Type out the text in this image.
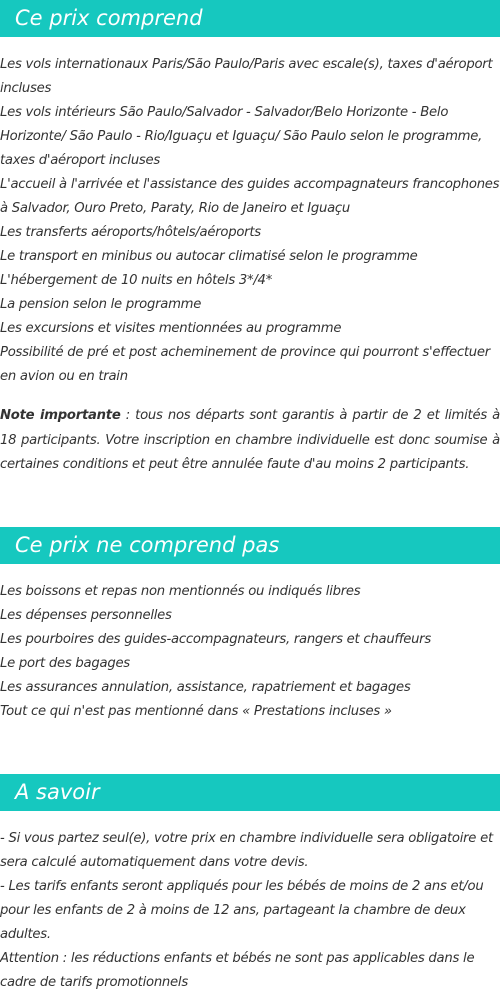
Ce prix comprend
Les vols internationaux Paris/São Paulo/Paris avec escale(s), taxes d'aéroport incluses
Les vols intérieurs São Paulo/Salvador - Salvador/Belo Horizonte - Belo Horizonte/ São Paulo - Rio/Iguaçu et Iguaçu/ São Paulo selon le programme, taxes d'aéroport incluses
L'accueil à l'arrivée et l'assistance des guides accompagnateurs francophones à Salvador, Ouro Preto, Paraty, Rio de Janeiro et Iguaçu
Les transferts aéroports/hôtels/aéroports
Le transport en minibus ou autocar climatisé selon le programme
L'hébergement de 10 nuits en hôtels 3*/4*
La pension selon le programme
Les excursions et visites mentionnées au programme
Possibilité de pré et post acheminement de province qui pourront s'effectuer en avion ou en train

Note importante : tous nos départs sont garantis à partir de 2 et limités à 18 participants. Votre inscription en chambre individuelle est donc soumise à certaines conditions et peut être annulée faute d'au moins 2 participants.

Ce prix ne comprend pas
Les boissons et repas non mentionnés ou indiqués libres
Les dépenses personnelles
Les pourboires des guides-accompagnateurs, rangers et chauffeurs
Le port des bagages
Les assurances annulation, assistance, rapatriement et bagages
Tout ce qui n'est pas mentionné dans « Prestations incluses »
A savoir
- Si vous partez seul(e), votre prix en chambre individuelle sera obligatoire et sera calculé automatiquement dans votre devis.
- Les tarifs enfants seront appliqués pour les bébés de moins de 2 ans et/ou pour les enfants de 2 à moins de 12 ans, partageant la chambre de deux adultes.
Attention : les réductions enfants et bébés ne sont pas applicables dans le cadre de tarifs promotionnels
